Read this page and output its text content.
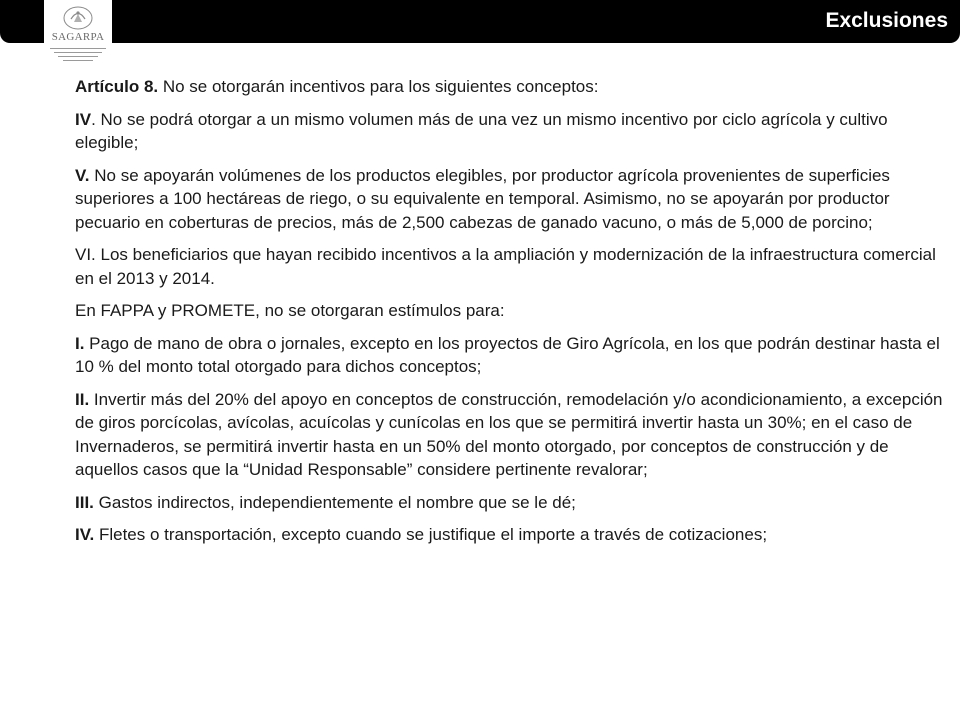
Exclusiones
SAGARPA

Artículo 8. No se otorgarán incentivos para los siguientes conceptos:

IV. No se podrá otorgar a un mismo volumen más de una vez un mismo incentivo por ciclo agrícola y cultivo elegible;

V. No se apoyarán volúmenes de los productos elegibles, por productor agrícola provenientes de superficies superiores a 100 hectáreas de riego, o su equivalente en temporal. Asimismo, no se apoyarán por productor pecuario en coberturas de precios, más de 2,500 cabezas de ganado vacuno, o más de 5,000 de porcino;

VI. Los beneficiarios que hayan recibido incentivos a la ampliación y modernización de la infraestructura comercial en el 2013 y 2014.

En FAPPA y PROMETE, no se otorgaran estímulos para:

I. Pago de mano de obra o jornales, excepto en los proyectos de Giro Agrícola, en los que podrán destinar hasta el 10 % del monto total otorgado para dichos conceptos;

II. Invertir más del 20% del apoyo en conceptos de construcción, remodelación y/o acondicionamiento, a excepción de giros porcícolas, avícolas, acuícolas y cunícolas en los que se permitirá invertir hasta un 30%; en el caso de Invernaderos, se permitirá invertir hasta en un 50% del monto otorgado, por conceptos de construcción y de aquellos casos que la “Unidad Responsable” considere pertinente revalorar;

III. Gastos indirectos, independientemente el nombre que se le dé;

IV. Fletes o transportación, excepto cuando se justifique el importe a través de cotizaciones;
